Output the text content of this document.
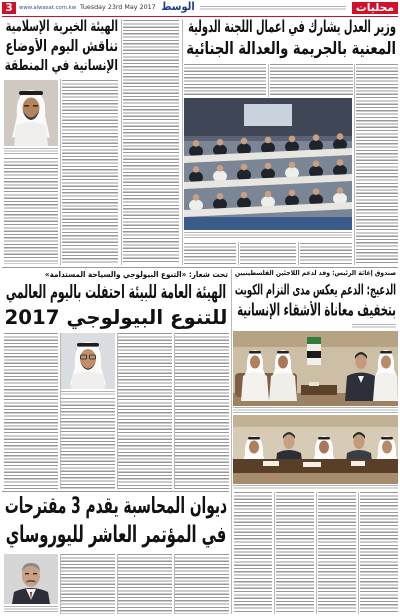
3 www.alwasat.com.kw Tuesday 23rd May 2017 الوسط	محليات
الهيئة الخيرية الإسلامية
تناقش اليوم الأوضاع
الإنسانية في المنطقة
وزير العدل يشارك في أعمال اللجنة الدولية
المعنية بالجريمة والعدالة الجنائية
تحت شعار: «التنوع البيولوجي والسياحة المستدامة»
الهيئة العامة للبيئة احتفلت باليوم العالمي
للتنوع البيولوجي 2017
صندوق إغاثة الرئيس: وفد لدعم اللاجئين الفلسطينيين
الدعيج: الدعم يعكس مدى التزام الكويت
بتخفيف معاناة الأشقاء الإنسانية
ديوان المحاسبة يقدم 3 مقترحات
في المؤتمر العاشر لليوروساي
